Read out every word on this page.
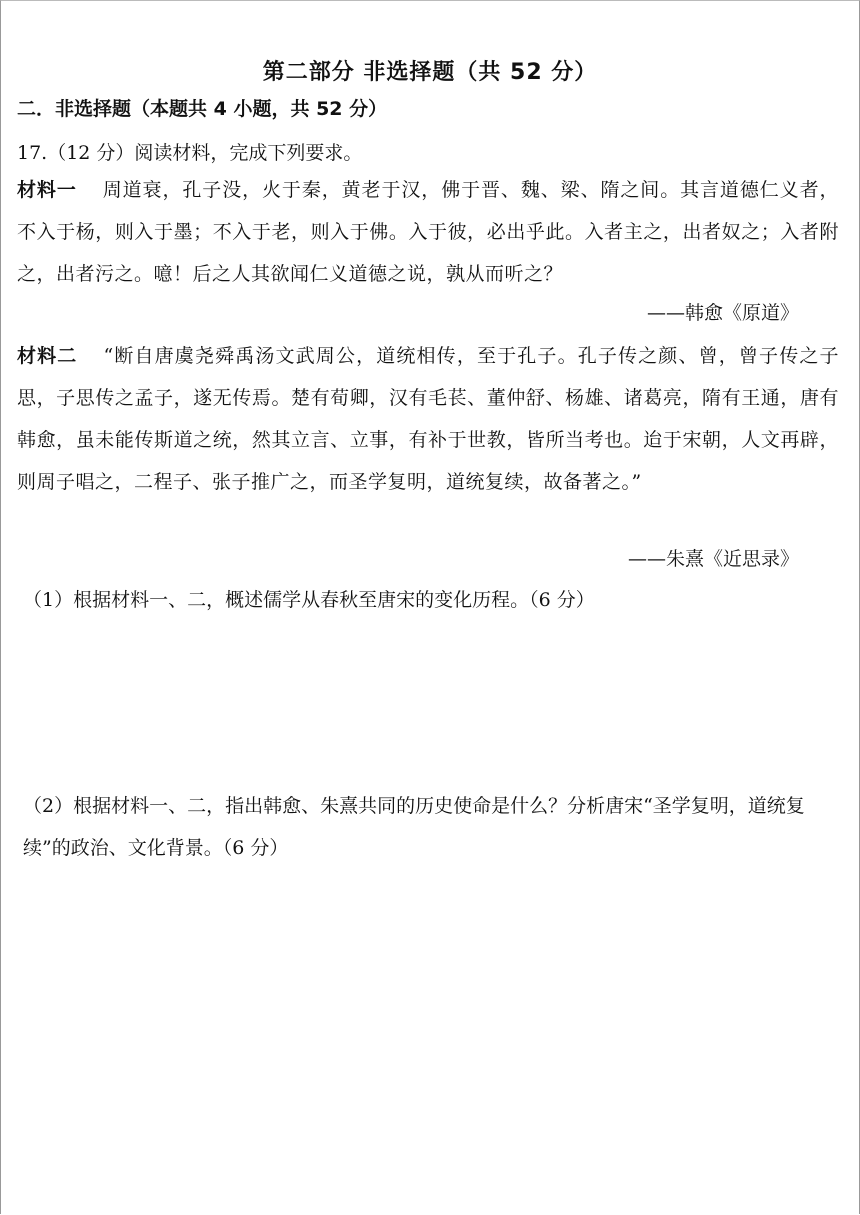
第二部分 非选择题（共 52 分）
二．非选择题（本题共 4 小题，共 52 分）
17.（12 分）阅读材料，完成下列要求。
材料一 周道衰，孔子没，火于秦，黄老于汉，佛于晋、魏、梁、隋之间。其言道德仁义者，不入于杨，则入于墨；不入于老，则入于佛。入于彼，必出乎此。入者主之，出者奴之；入者附之，出者污之。噫！后之人其欲闻仁义道德之说，孰从而听之？
——韩愈《原道》
材料二 “断自唐虞尧舜禹汤文武周公，道统相传，至于孔子。孔子传之颜、曾，曾子传之子思，子思传之孟子，遂无传焉。楚有荀卿，汉有毛苌、董仲舒、杨雄、诸葛亮，隋有王通，唐有韩愈，虽未能传斯道之统，然其立言、立事，有补于世教，皆所当考也。迨于宋朝，人文再辟，则周子唱之，二程子、张子推广之，而圣学复明，道统复续，故备著之。”
——朱熹《近思录》
（1）根据材料一、二，概述儒学从春秋至唐宋的变化历程。（6 分）
（2）根据材料一、二，指出韩愈、朱熹共同的历史使命是什么？分析唐宋“圣学复明，道统复续”的政治、文化背景。（6 分）
